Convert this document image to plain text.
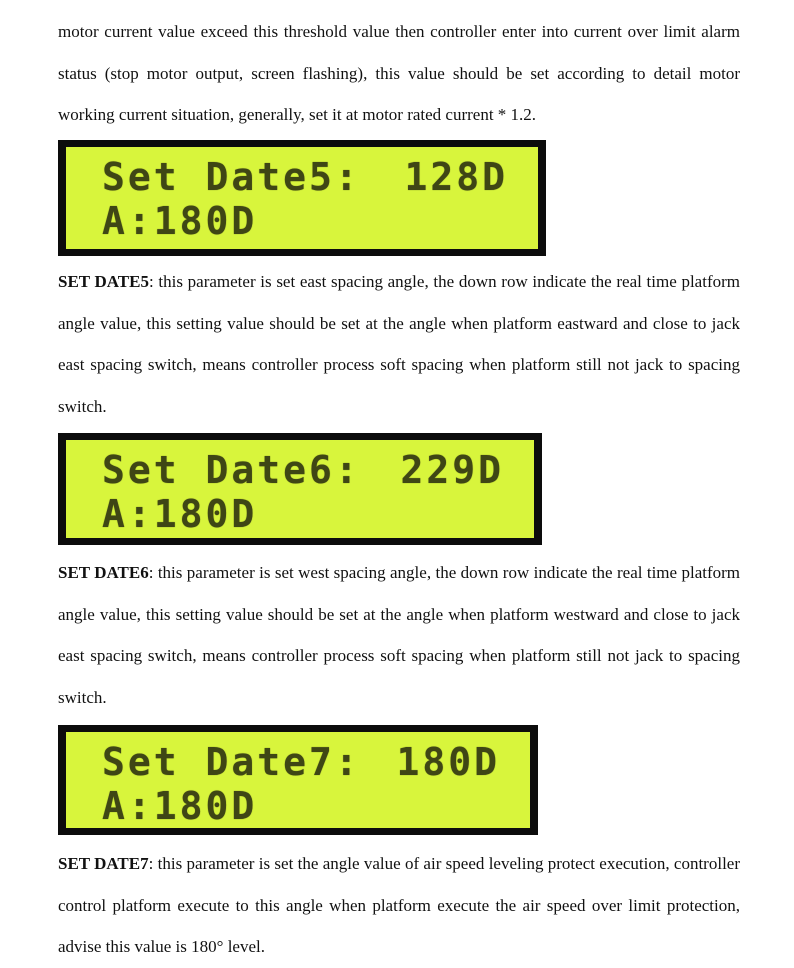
motor current value exceed this threshold value then controller enter into current over limit alarm status (stop motor output, screen flashing), this value should be set according to detail motor working current situation, generally, set it at motor rated current * 1.2.

Set Date5: 128D
A:180D

SET DATE5: this parameter is set east spacing angle, the down row indicate the real time platform angle value, this setting value should be set at the angle when platform eastward and close to jack east spacing switch, means controller process soft spacing when platform still not jack to spacing switch.

Set Date6: 229D
A:180D

SET DATE6: this parameter is set west spacing angle, the down row indicate the real time platform angle value, this setting value should be set at the angle when platform westward and close to jack east spacing switch, means controller process soft spacing when platform still not jack to spacing switch.

Set Date7: 180D
A:180D

SET DATE7: this parameter is set the angle value of air speed leveling protect execution, controller control platform execute to this angle when platform execute the air speed over limit protection, advise this value is 180° level.
